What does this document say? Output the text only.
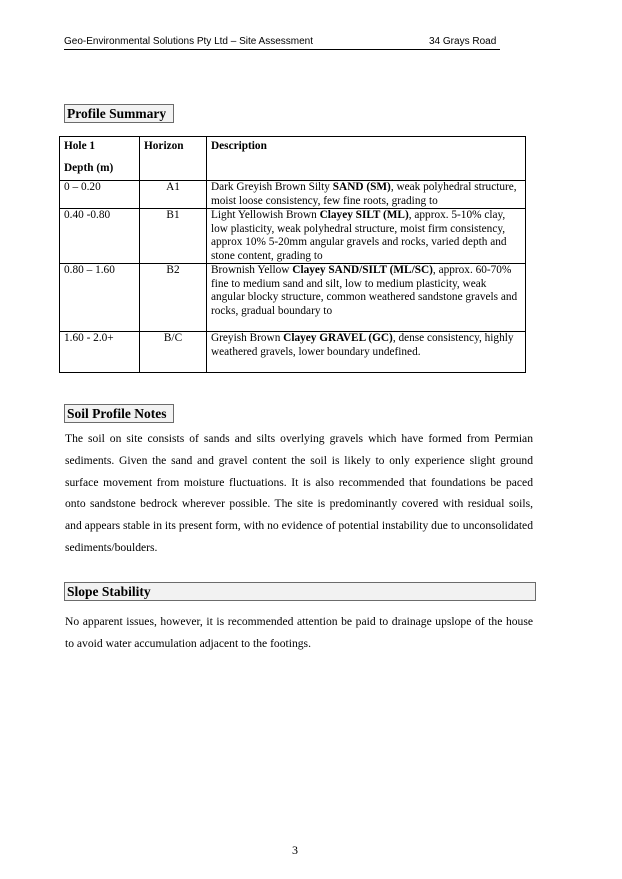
Geo-Environmental Solutions Pty Ltd – Site Assessment	34 Grays Road
Profile Summary
Hole 1
Depth (m)	Horizon	Description

0 – 0.20	A1	Dark Greyish Brown Silty SAND (SM), weak polyhedral structure, moist loose consistency, few fine roots, grading to

0.40 -0.80	B1	Light Yellowish Brown Clayey SILT (ML), approx. 5-10% clay, low plasticity, weak polyhedral structure, moist firm consistency, approx 10% 5-20mm angular gravels and rocks, varied depth and stone content, grading to

0.80 – 1.60	B2	Brownish Yellow Clayey SAND/SILT (ML/SC), approx. 60-70% fine to medium sand and silt, low to medium plasticity, weak angular blocky structure, common weathered sandstone gravels and rocks, gradual boundary to

1.60 - 2.0+	B/C	Greyish Brown Clayey GRAVEL (GC), dense consistency, highly weathered gravels, lower boundary undefined.
Soil Profile Notes

The soil on site consists of sands and silts overlying gravels which have formed from Permian sediments. Given the sand and gravel content the soil is likely to only experience slight ground surface movement from moisture fluctuations. It is also recommended that foundations be paced onto sandstone bedrock wherever possible. The site is predominantly covered with residual soils, and appears stable in its present form, with no evidence of potential instability due to unconsolidated sediments/boulders.

Slope Stability

No apparent issues, however, it is recommended attention be paid to drainage upslope of the house to avoid water accumulation adjacent to the footings.

3
